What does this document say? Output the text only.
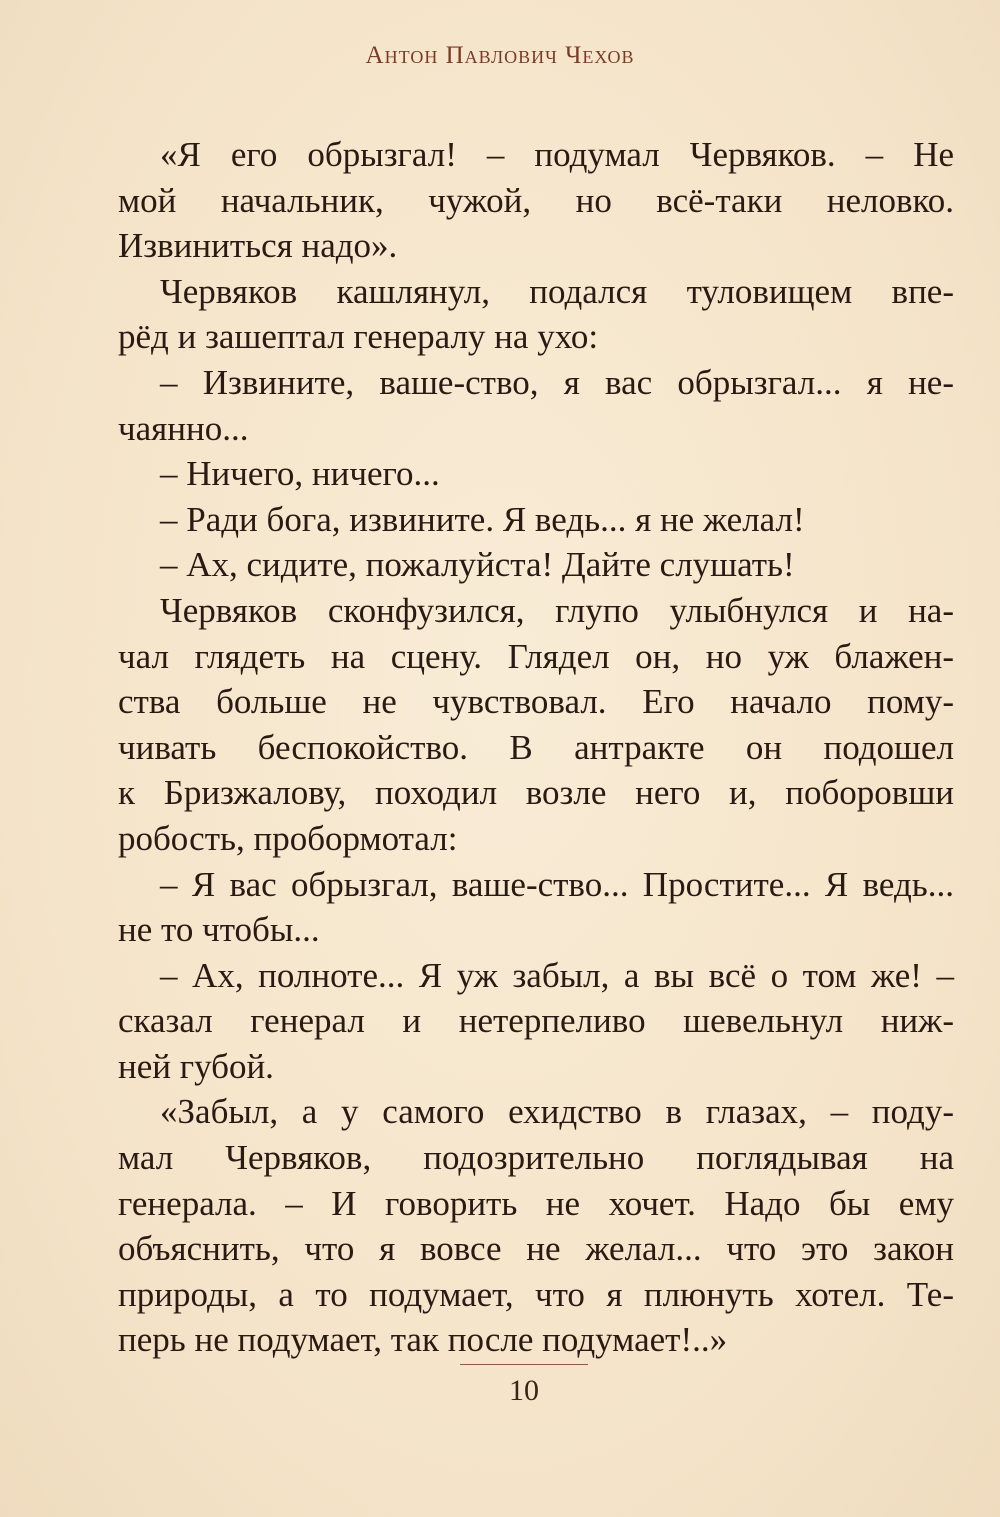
Антон Павлович Чехов
«Я его обрызгал! – подумал Червяков. – Не
мой начальник, чужой, но всё-таки неловко.
Извиниться надо».
Червяков кашлянул, подался туловищем впе-
рёд и зашептал генералу на ухо:
– Извините, ваше-ство, я вас обрызгал... я не-
чаянно...
– Ничего, ничего...
– Ради бога, извините. Я ведь... я не желал!
– Ах, сидите, пожалуйста! Дайте слушать!
Червяков сконфузился, глупо улыбнулся и на-
чал глядеть на сцену. Глядел он, но уж блажен-
ства больше не чувствовал. Его начало пому-
чивать беспокойство. В антракте он подошел
к Бризжалову, походил возле него и, поборовши
робость, пробормотал:
– Я вас обрызгал, ваше-ство... Простите... Я ведь...
не то чтобы...
– Ах, полноте... Я уж забыл, а вы всё о том же! –
сказал генерал и нетерпеливо шевельнул ниж-
ней губой.
«Забыл, а у самого ехидство в глазах, – поду-
мал Червяков, подозрительно поглядывая на
генерала. – И говорить не хочет. Надо бы ему
объяснить, что я вовсе не желал... что это закон
природы, а то подумает, что я плюнуть хотел. Те-
перь не подумает, так после подумает!..»
10
